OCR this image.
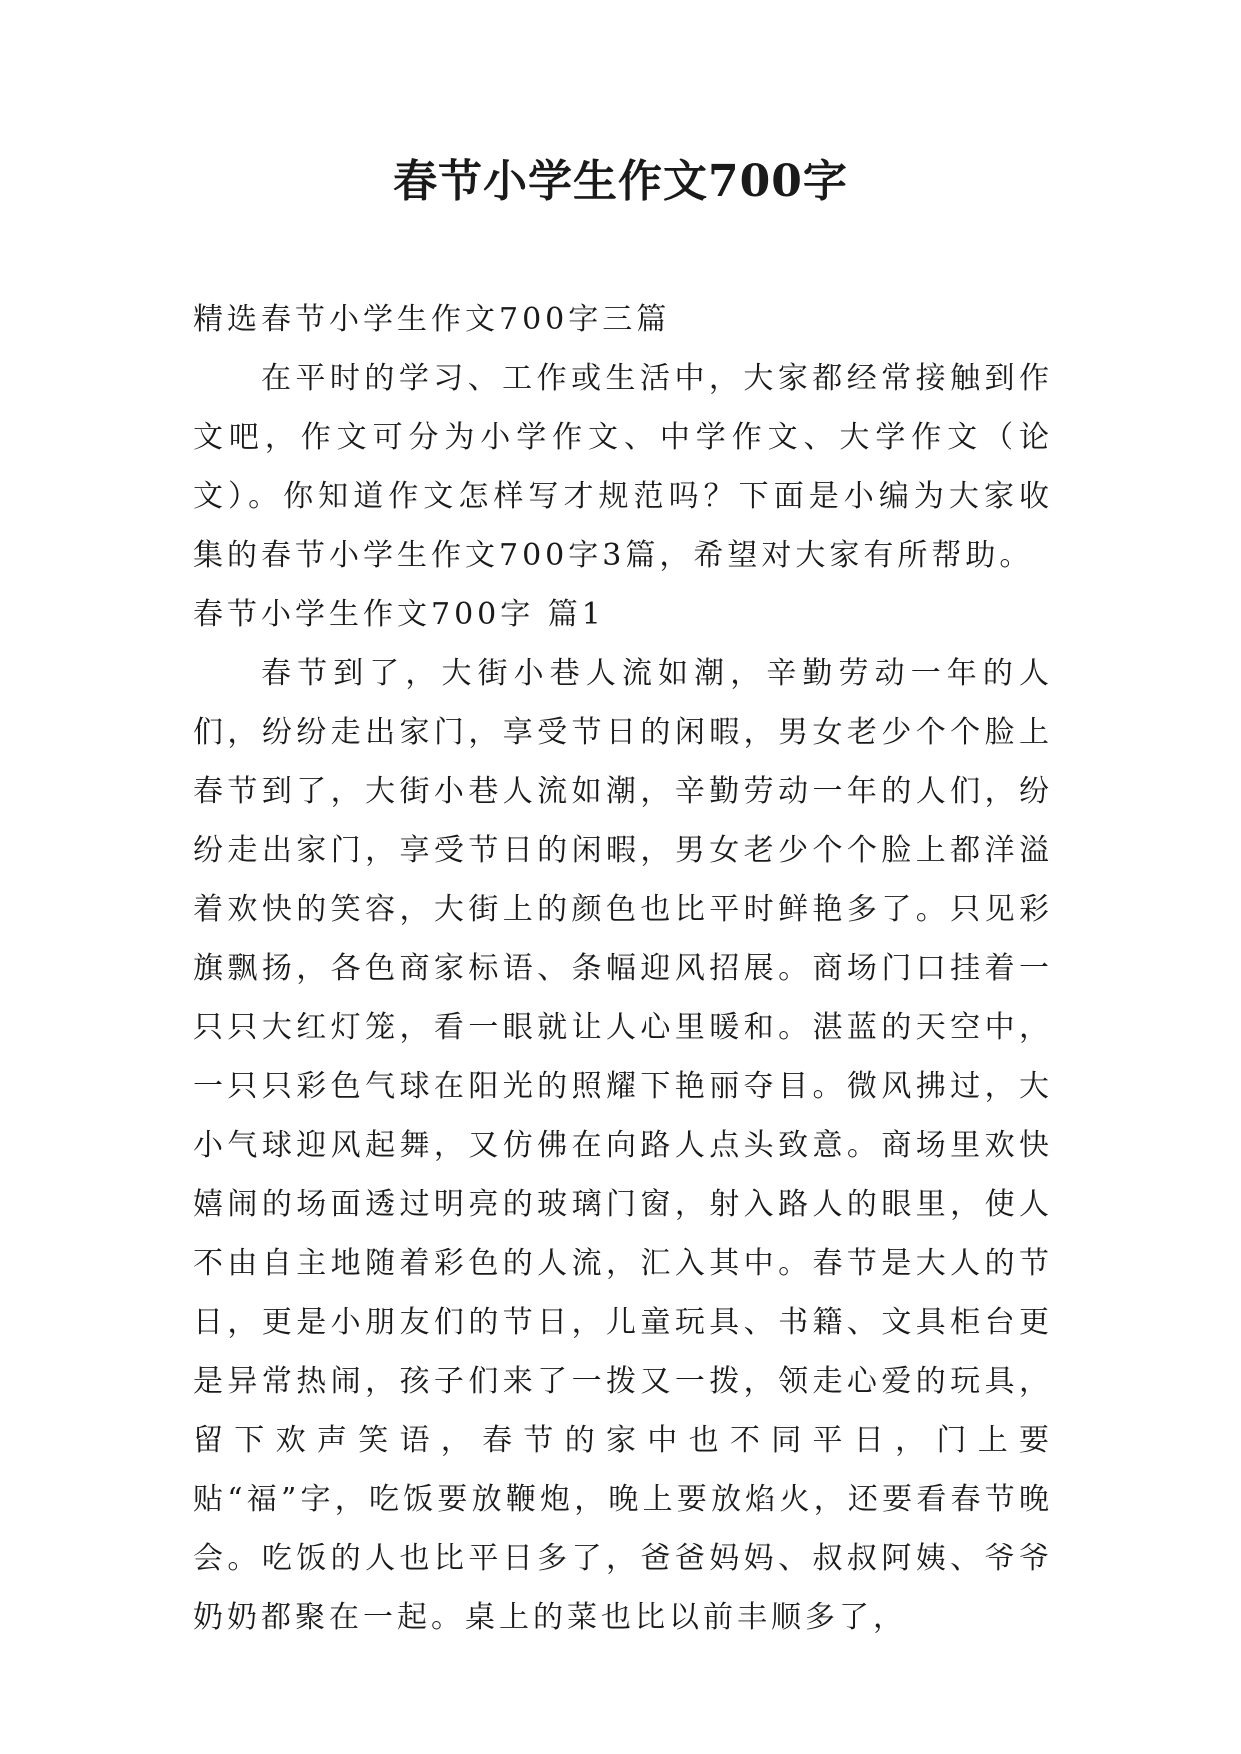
春节小学生作文700字

精选春节小学生作文700字三篇

在平时的学习、工作或生活中，大家都经常接触到作文吧，作文可分为小学作文、中学作文、大学作文（论文）。你知道作文怎样写才规范吗？下面是小编为大家收集的春节小学生作文700字3篇，希望对大家有所帮助。

春节小学生作文700字 篇1

春节到了，大街小巷人流如潮，辛勤劳动一年的人们，纷纷走出家门，享受节日的闲暇，男女老少个个脸上春节到了，大街小巷人流如潮，辛勤劳动一年的人们，纷纷走出家门，享受节日的闲暇，男女老少个个脸上都洋溢着欢快的笑容，大街上的颜色也比平时鲜艳多了。只见彩旗飘扬，各色商家标语、条幅迎风招展。商场门口挂着一只只大红灯笼，看一眼就让人心里暖和。湛蓝的天空中，一只只彩色气球在阳光的照耀下艳丽夺目。微风拂过，大小气球迎风起舞，又仿佛在向路人点头致意。商场里欢快嬉闹的场面透过明亮的玻璃门窗，射入路人的眼里，使人不由自主地随着彩色的人流，汇入其中。春节是大人的节日，更是小朋友们的节日，儿童玩具、书籍、文具柜台更是异常热闹，孩子们来了一拨又一拨，领走心爱的玩具，留下欢声笑语，春节的家中也不同平日，门上要贴“福”字，吃饭要放鞭炮，晚上要放焰火，还要看春节晚会。吃饭的人也比平日多了，爸爸妈妈、叔叔阿姨、爷爷奶奶都聚在一起。桌上的菜也比以前丰顺多了，
